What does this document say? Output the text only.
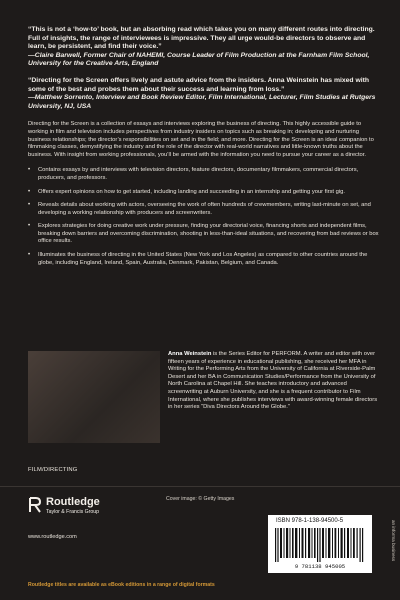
“This is not a ‘how-to’ book, but an absorbing read which takes you on many different routes into directing. Full of insights, the range of interviewees is impressive. They all urge would-be directors to observe and learn, be persistent, and find their voice.”
—Claire Barwell, Former Chair of NAHEMI, Course Leader of Film Production at the Farnham Film School, University for the Creative Arts, England
“Directing for the Screen offers lively and astute advice from the insiders. Anna Weinstein has mixed with some of the best and probes them about their success and learning from loss.”
—Matthew Sorrento, Interview and Book Review Editor, Film International, Lecturer, Film Studies at Rutgers University, NJ, USA
Directing for the Screen is a collection of essays and interviews exploring the business of directing. This highly accessible guide to working in film and television includes perspectives from industry insiders on topics such as breaking in; developing and nurturing business relationships; the director’s responsibilities on set and in the field; and more. Directing for the Screen is an ideal companion to filmmaking classes, demystifying the industry and the role of the director with real-world narratives and little-known truths about the business. With insight from working professionals, you’ll be armed with the information you need to pursue your career as a director.
• Contains essays by and interviews with television directors, feature directors, documentary filmmakers, commercial directors, producers, and professors.
• Offers expert opinions on how to get started, including landing and succeeding in an internship and getting your first gig.
• Reveals details about working with actors, overseeing the work of often hundreds of crewmembers, writing last-minute on set, and developing a working relationship with producers and screenwriters.
• Explores strategies for doing creative work under pressure, finding your directorial voice, financing shorts and independent films, breaking down barriers and overcoming discrimination, shooting in less-than-ideal situations, and recovering from bad reviews or box office results.
• Illuminates the business of directing in the United States (New York and Los Angeles) as compared to other countries around the globe, including England, Ireland, Spain, Australia, Denmark, Pakistan, Belgium, and Canada.
Anna Weinstein is the Series Editor for PERFORM. A writer and editor with over fifteen years of experience in educational publishing, she received her MFA in Writing for the Performing Arts from the University of California at Riverside-Palm Desert and her BA in Communication Studies/Performance from the University of North Carolina at Chapel Hill. She teaches introductory and advanced screenwriting at Auburn University, and she is a frequent contributor to Film International, where she publishes interviews with award-winning female directors in her series “Diva Directors Around the Globe.”
FILM/DIRECTING
Routledge
Taylor & Francis Group
www.routledge.com
Cover image: © Getty Images
ISBN 978-1-138-94500-5
9 781138 945005
an informa business
Routledge titles are available as eBook editions in a range of digital formats
